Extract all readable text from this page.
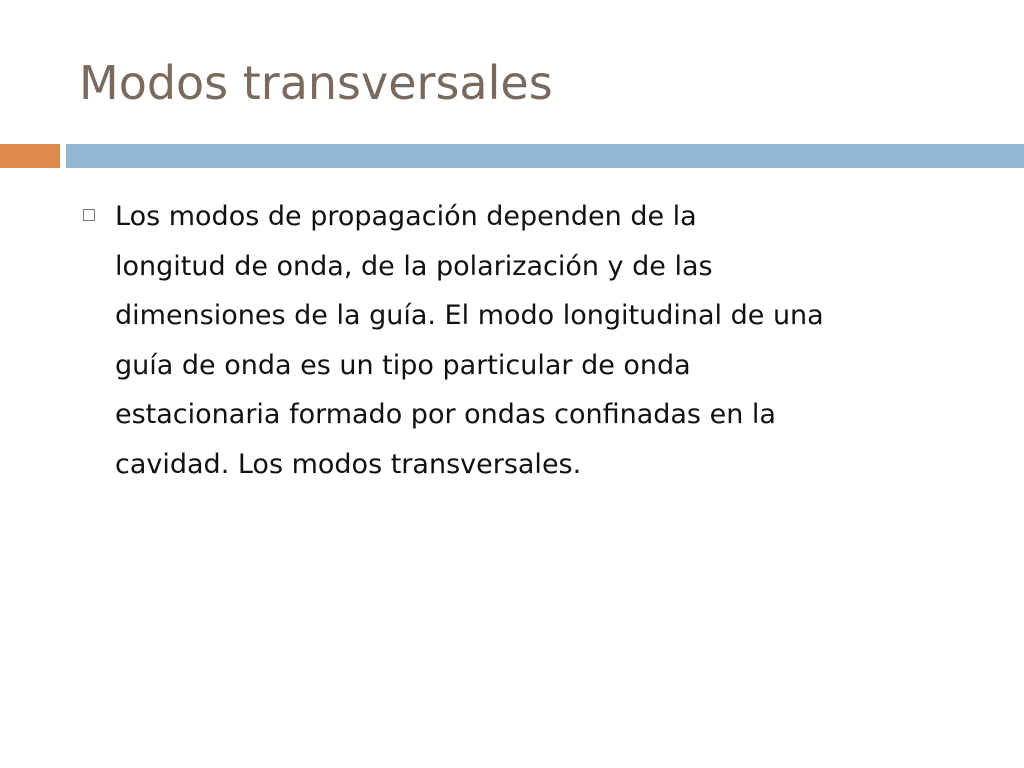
Modos transversales

Los modos de propagación dependen de la
longitud de onda, de la polarización y de las
dimensiones de la guía. El modo longitudinal de una
guía de onda es un tipo particular de onda
estacionaria formado por ondas confinadas en la
cavidad. Los modos transversales.
